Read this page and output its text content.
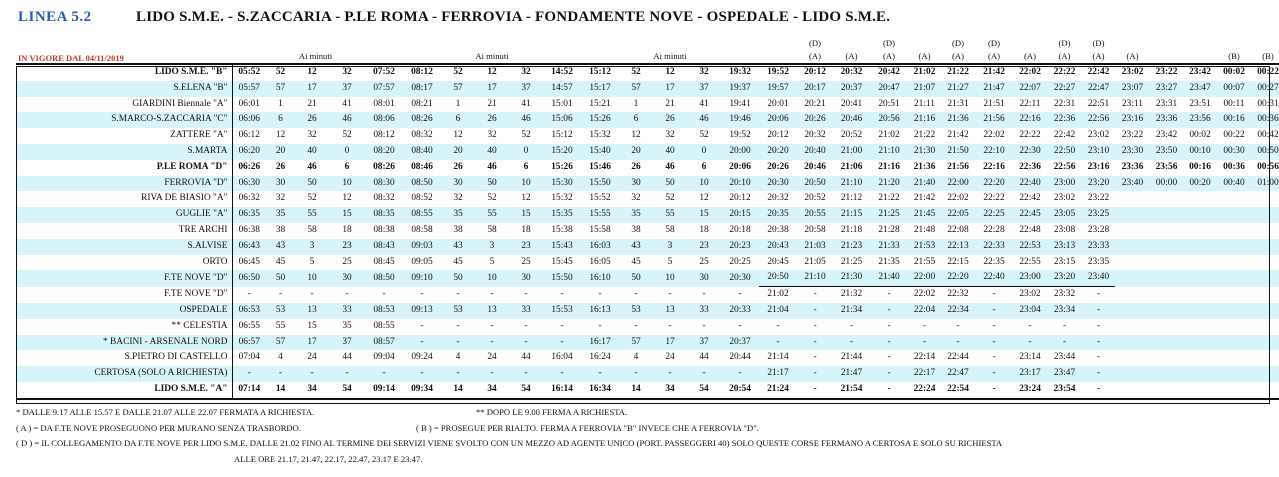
LINEA 5.2	LIDO S.M.E. - S.ZACCARIA - P.LE ROMA - FERROVIA - FONDAMENTE NOVE - OSPEDALE - LIDO S.M.E.
IN VIGORE DAL 04/11/2019
																	(D)		(D)		(D)	(D)		(D)	(D)					
		Ai minuti					Ai minuti					Ai minuti					(A)	(A)	(A)	(A)	(A)	(A)	(A)	(A)	(A)	(A)			(B)	(B)
LIDO S.M.E. "B"	05:52	52	12	32	07:52	08:12	52	12	32	14:52	15:12	52	12	32	19:32	19:52	20:12	20:32	20:42	21:02	21:22	21:42	22:02	22:22	22:42	23:02	23:22	23:42	00:02	00:22
S.ELENA "B"	05:57	57	17	37	07:57	08:17	57	17	37	14:57	15:17	57	17	37	19:37	19:57	20:17	20:37	20:47	21:07	21:27	21:47	22:07	22:27	22:47	23:07	23:27	23:47	00:07	00:27
GIARDINI Biennale "A"	06:01	1	21	41	08:01	08:21	1	21	41	15:01	15:21	1	21	41	19:41	20:01	20:21	20:41	20:51	21:11	21:31	21:51	22:11	22:31	22:51	23:11	23:31	23:51	00:11	00:31
S.MARCO-S.ZACCARIA "C"	06:06	6	26	46	08:06	08:26	6	26	46	15:06	15:26	6	26	46	19:46	20:06	20:26	20:46	20:56	21:16	21:36	21:56	22:16	22:36	22:56	23:16	23:36	23:56	00:16	00:36
ZATTERE "A"	06:12	12	32	52	08:12	08:32	12	32	52	15:12	15:32	12	32	52	19:52	20:12	20:32	20:52	21:02	21:22	21:42	22:02	22:22	22:42	23:02	23:22	23:42	00:02	00:22	00:42
S.MARTA	06:20	20	40	0	08:20	08:40	20	40	0	15:20	15:40	20	40	0	20:00	20:20	20:40	21:00	21:10	21:30	21:50	22:10	22:30	22:50	23:10	23:30	23:50	00:10	00:30	00:50
P.LE ROMA "D"	06:26	26	46	6	08:26	08:46	26	46	6	15:26	15:46	26	46	6	20:06	20:26	20:46	21:06	21:16	21:36	21:56	22:16	22:36	22:56	23:16	23:36	23:56	00:16	00:36	00:56
FERROVIA "D"	06:30	30	50	10	08:30	08:50	30	50	10	15:30	15:50	30	50	10	20:10	20:30	20:50	21:10	21:20	21:40	22:00	22:20	22:40	23:00	23:20	23:40	00:00	00:20	00:40	01:00
RIVA DE BIASIO "A"	06:32	32	52	12	08:32	08:52	32	52	12	15:32	15:52	32	52	12	20:12	20:32	20:52	21:12	21:22	21:42	22:02	22:22	22:42	23:02	23:22					
GUGLIE "A"	06:35	35	55	15	08:35	08:55	35	55	15	15:35	15:55	35	55	15	20:15	20:35	20:55	21:15	21:25	21:45	22:05	22:25	22:45	23:05	23:25					
TRE ARCHI	06:38	38	58	18	08:38	08:58	38	58	18	15:38	15:58	38	58	18	20:18	20:38	20:58	21:18	21:28	21:48	22:08	22:28	22:48	23:08	23:28					
S.ALVISE	06:43	43	3	23	08:43	09:03	43	3	23	15:43	16:03	43	3	23	20:23	20:43	21:03	21:23	21:33	21:53	22:13	22:33	22:53	23:13	23:33					
ORTO	06:45	45	5	25	08:45	09:05	45	5	25	15:45	16:05	45	5	25	20:25	20:45	21:05	21:25	21:35	21:55	22:15	22:35	22:55	23:15	23:35					
F.TE NOVE "D"	06:50	50	10	30	08:50	09:10	50	10	30	15:50	16:10	50	10	30	20:30	20:50	21:10	21:30	21:40	22:00	22:20	22:40	23:00	23:20	23:40					
F.TE NOVE "D"	-	-	-	-	-	-	-	-	-	-	-	-	-	-	-	21:02	-	21:32	-	22:02	22:32	-	23:02	23:32	-					
OSPEDALE	06:53	53	13	33	08:53	09:13	53	13	33	15:53	16:13	53	13	33	20:33	21:04	-	21:34	-	22:04	22:34	-	23:04	23:34	-					
** CELESTIA	06:55	55	15	35	08:55	-	-	-	-	-	-	-	-	-	-	-	-	-	-	-	-	-	-	-	-					
* BACINI - ARSENALE NORD	06:57	57	17	37	08:57	-	-	-	-	-	16:17	57	17	37	20:37	-	-	-	-	-	-	-	-	-	-					
S.PIETRO DI CASTELLO	07:04	4	24	44	09:04	09:24	4	24	44	16:04	16:24	4	24	44	20:44	21:14	-	21:44	-	22:14	22:44	-	23:14	23:44	-					
CERTOSA (SOLO A RICHIESTA)	-	-	-	-	-	-	-	-	-	-	-	-	-	-	-	21:17	-	21:47	-	22:17	22:47	-	23:17	23:47	-					
LIDO S.M.E. "A"	07:14	14	34	54	09:14	09:34	14	34	54	16:14	16:34	14	34	54	20:54	21:24	-	21:54	-	22:24	22:54	-	23:24	23:54	-					
* DALLE 9.17 ALLE 15.57 E DALLE 21.07 ALLE 22.07 FERMATA A RICHIESTA.	** DOPO LE 9.00 FERMA A RICHIESTA.
( A ) = DA F.TE NOVE PROSEGUONO PER MURANO SENZA TRASBORDO.	( B ) = PROSEGUE PER RIALTO. FERMA A FERROVIA "B" INVECE CHE A FERROVIA "D".
( D ) = IL COLLEGAMENTO DA F.TE NOVE PER LIDO S.M.E. DALLE 21.02 FINO AL TERMINE DEI SERVIZI VIENE SVOLTO CON UN MEZZO AD AGENTE UNICO (PORT. PASSEGGERI 40) SOLO QUESTE CORSE FERMANO A CERTOSA E SOLO SU RICHIESTA
ALLE ORE 21.17, 21.47, 22.17, 22.47, 23.17 E 23.47.
